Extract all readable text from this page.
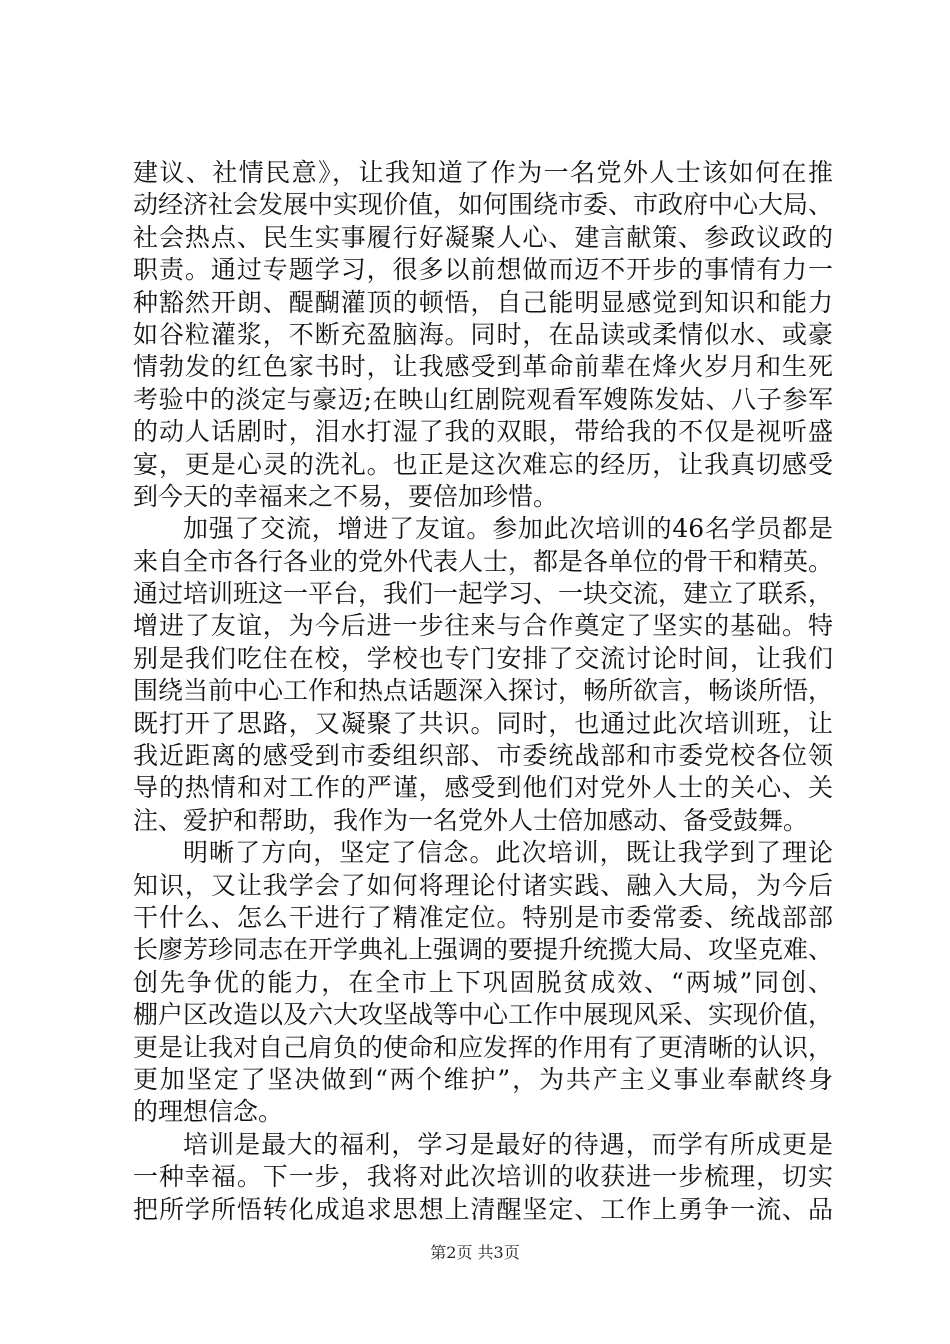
建议、社情民意》，让我知道了作为一名党外人士该如何在推
动经济社会发展中实现价值，如何围绕市委、市政府中心大局、
社会热点、民生实事履行好凝聚人心、建言献策、参政议政的
职责。通过专题学习，很多以前想做而迈不开步的事情有力一
种豁然开朗、醍醐灌顶的顿悟，自己能明显感觉到知识和能力
如谷粒灌浆，不断充盈脑海。同时，在品读或柔情似水、或豪
情勃发的红色家书时，让我感受到革命前辈在烽火岁月和生死
考验中的淡定与豪迈;在映山红剧院观看军嫂陈发姑、八子参军
的动人话剧时，泪水打湿了我的双眼，带给我的不仅是视听盛
宴，更是心灵的洗礼。也正是这次难忘的经历，让我真切感受
到今天的幸福来之不易，要倍加珍惜。
加强了交流，增进了友谊。参加此次培训的46名学员都是
来自全市各行各业的党外代表人士，都是各单位的骨干和精英。
通过培训班这一平台，我们一起学习、一块交流，建立了联系，
增进了友谊，为今后进一步往来与合作奠定了坚实的基础。特
别是我们吃住在校，学校也专门安排了交流讨论时间，让我们
围绕当前中心工作和热点话题深入探讨，畅所欲言，畅谈所悟，
既打开了思路，又凝聚了共识。同时，也通过此次培训班，让
我近距离的感受到市委组织部、市委统战部和市委党校各位领
导的热情和对工作的严谨，感受到他们对党外人士的关心、关
注、爱护和帮助，我作为一名党外人士倍加感动、备受鼓舞。
明晰了方向，坚定了信念。此次培训，既让我学到了理论
知识，又让我学会了如何将理论付诸实践、融入大局，为今后
干什么、怎么干进行了精准定位。特别是市委常委、统战部部
长廖芳珍同志在开学典礼上强调的要提升统揽大局、攻坚克难、
创先争优的能力，在全市上下巩固脱贫成效、“两城”同创、
棚户区改造以及六大攻坚战等中心工作中展现风采、实现价值，
更是让我对自己肩负的使命和应发挥的作用有了更清晰的认识，
更加坚定了坚决做到“两个维护”，为共产主义事业奉献终身
的理想信念。
培训是最大的福利，学习是最好的待遇，而学有所成更是
一种幸福。下一步，我将对此次培训的收获进一步梳理，切实
把所学所悟转化成追求思想上清醒坚定、工作上勇争一流、品
第2页 共3页
